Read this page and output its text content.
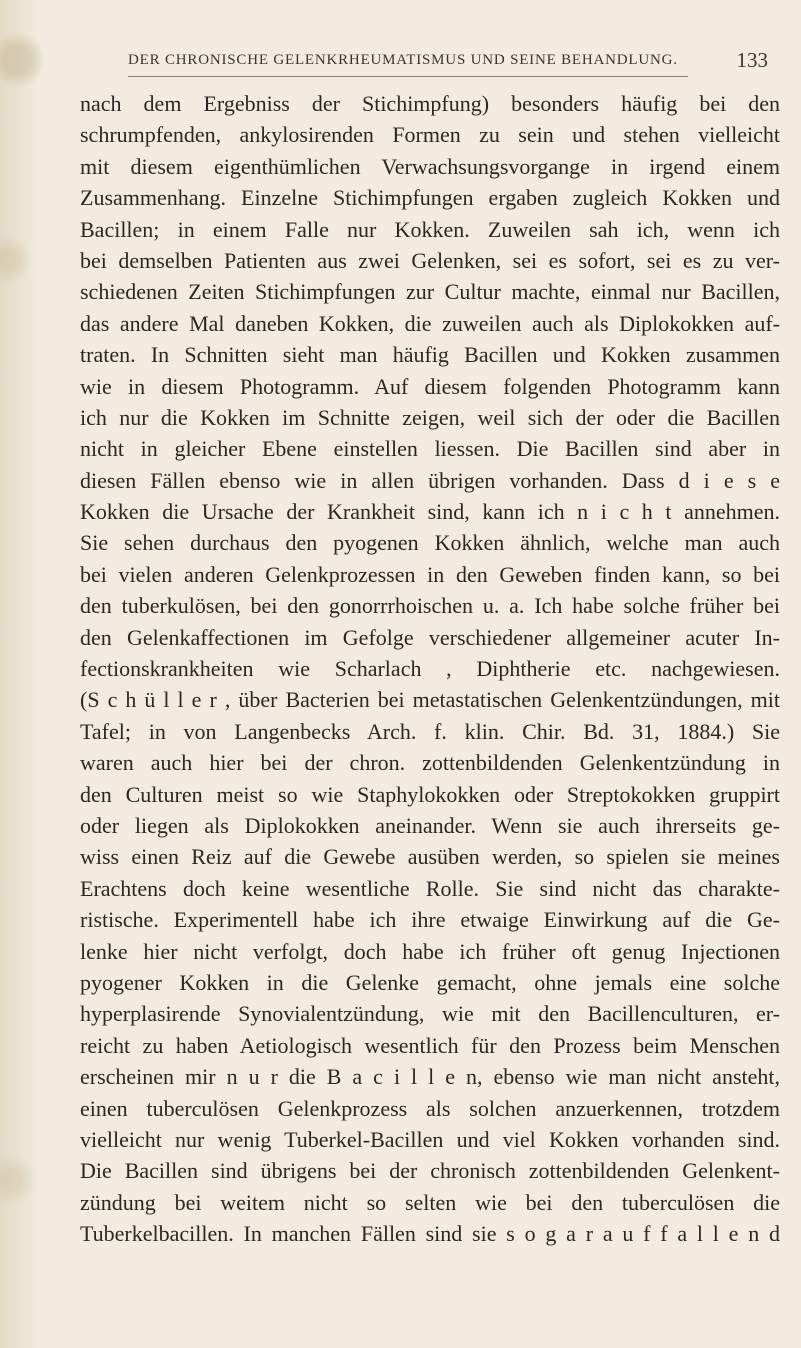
DER CHRONISCHE GELENKRHEUMATISMUS UND SEINE BEHANDLUNG.	133
nach dem Ergebniss der Stichimpfung) besonders häufig bei den
schrumpfenden, ankylosirenden Formen zu sein und stehen vielleicht
mit diesem eigenthümlichen Verwachsungsvorgange in irgend einem
Zusammenhang. Einzelne Stichimpfungen ergaben zugleich Kokken und
Bacillen; in einem Falle nur Kokken. Zuweilen sah ich, wenn ich
bei demselben Patienten aus zwei Gelenken, sei es sofort, sei es zu ver-
schiedenen Zeiten Stichimpfungen zur Cultur machte, einmal nur Bacillen,
das andere Mal daneben Kokken, die zuweilen auch als Diplokokken auf-
traten. In Schnitten sieht man häufig Bacillen und Kokken zusammen
wie in diesem Photogramm. Auf diesem folgenden Photogramm kann
ich nur die Kokken im Schnitte zeigen, weil sich der oder die Bacillen
nicht in gleicher Ebene einstellen liessen. Die Bacillen sind aber in
diesen Fällen ebenso wie in allen übrigen vorhanden. Dass d i e s e
Kokken die Ursache der Krankheit sind, kann ich n i c h t annehmen.
Sie sehen durchaus den pyogenen Kokken ähnlich, welche man auch
bei vielen anderen Gelenkprozessen in den Geweben finden kann, so bei
den tuberkulösen, bei den gonorrrhoischen u. a. Ich habe solche früher bei
den Gelenkaffectionen im Gefolge verschiedener allgemeiner acuter In-
fectionskrankheiten wie Scharlach , Diphtherie etc. nachgewiesen.
(S c h ü l l e r , über Bacterien bei metastatischen Gelenkentzündungen, mit
Tafel; in von Langenbecks Arch. f. klin. Chir. Bd. 31, 1884.) Sie
waren auch hier bei der chron. zottenbildenden Gelenkentzündung in
den Culturen meist so wie Staphylokokken oder Streptokokken gruppirt
oder liegen als Diplokokken aneinander. Wenn sie auch ihrerseits ge-
wiss einen Reiz auf die Gewebe ausüben werden, so spielen sie meines
Erachtens doch keine wesentliche Rolle. Sie sind nicht das charakte-
ristische. Experimentell habe ich ihre etwaige Einwirkung auf die Ge-
lenke hier nicht verfolgt, doch habe ich früher oft genug Injectionen
pyogener Kokken in die Gelenke gemacht, ohne jemals eine solche
hyperplasirende Synovialentzündung, wie mit den Bacillenculturen, er-
reicht zu haben Aetiologisch wesentlich für den Prozess beim Menschen
erscheinen mir n u r die B a c i l l e n, ebenso wie man nicht ansteht,
einen tuberculösen Gelenkprozess als solchen anzuerkennen, trotzdem
vielleicht nur wenig Tuberkel-Bacillen und viel Kokken vorhanden sind.
Die Bacillen sind übrigens bei der chronisch zottenbildenden Gelenkent-
zündung bei weitem nicht so selten wie bei den tuberculösen die
Tuberkelbacillen. In manchen Fällen sind sie s o g a r a u f f a l l e n d
